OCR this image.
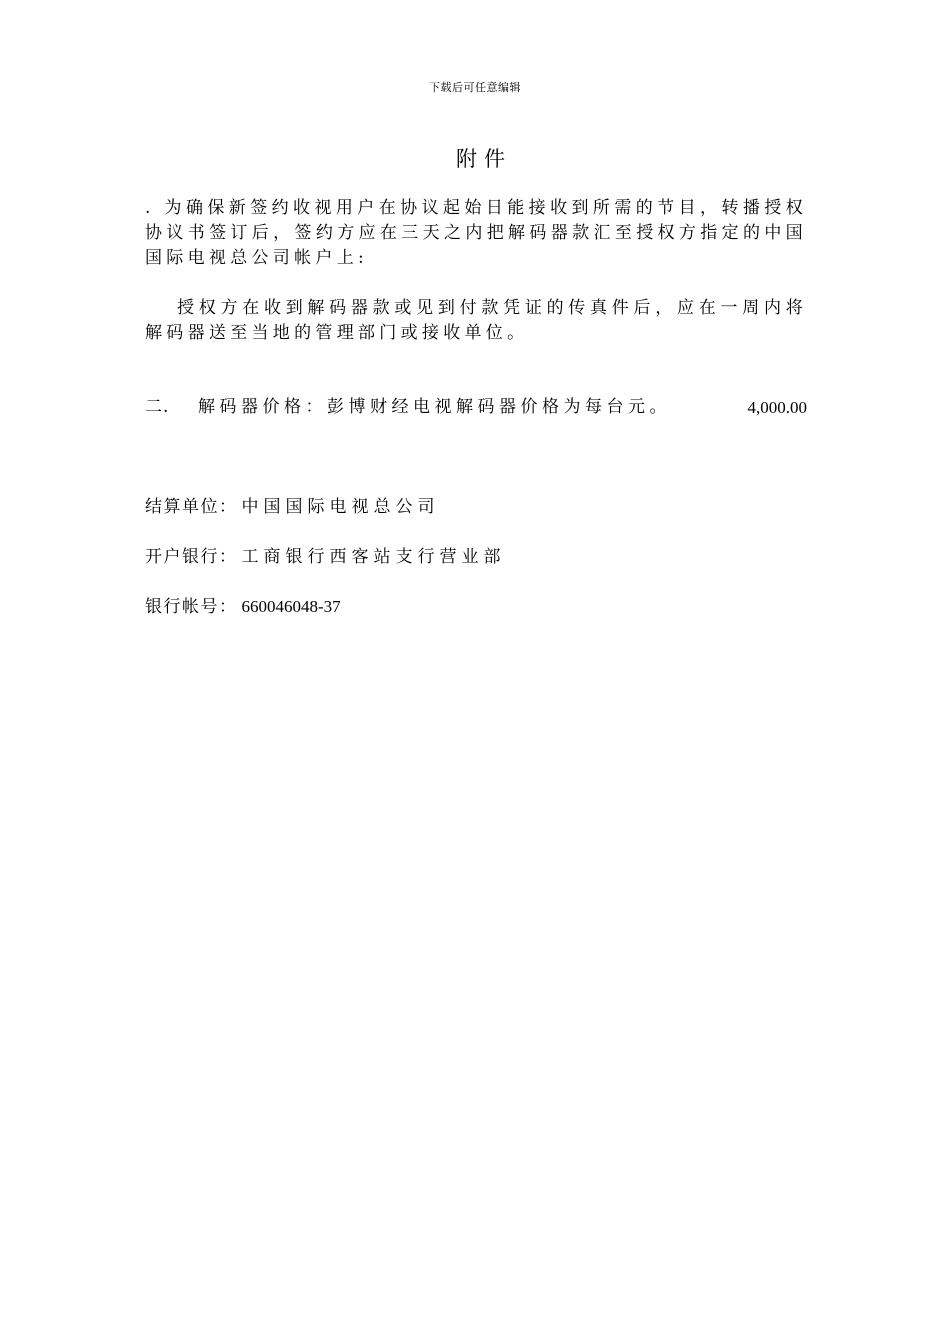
下载后可任意编辑
附件
. 为确保新签约收视用户在协议起始日能接收到所需的节目，转播授权协议书签订后，签约方应在三天之内把解码器款汇至授权方指定的中国国际电视总公司帐户上:
授权方在收到解码器款或见到付款凭证的传真件后，应在一周内将解码器送至当地的管理部门或接收单位。
二. 解码器价格：彭博财经电视解码器价格为每台元。	4,000.00
结算单位： 中国国际电视总公司
开户银行： 工商银行西客站支行营业部
银行帐号： 660046048-37
